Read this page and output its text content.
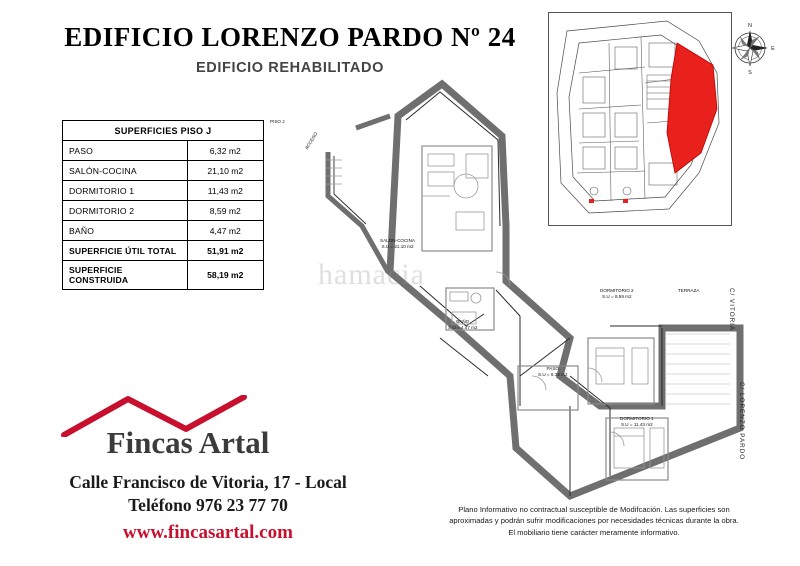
EDIFICIO LORENZO PARDO Nº 24
EDIFICIO REHABILITADO
SUPERFICIES PISO J	
PASO	6,32 m2
SALÓN-COCINA	21,10 m2
DORMITORIO 1	11,43 m2
DORMITORIO 2	8,59 m2
BAÑO	4,47 m2
SUPERFICIE ÚTIL TOTAL	51,91 m2
SUPERFICIE CONSTRUIDA	58,19 m2
N
S
E
PISO J
ACCESO
SALON-COCINA
S.U = 21.10 m2
BAÑO
S.U = 4.47 m2
PASO
S.U = 6.32 m2
DORMITORIO 2
S.U = 8.59 m2
DORMITORIO 1
S.U = 11.43 m2
TERRAZA
C/ LORENZO PARDO
C/ VITORIA
hamacia
Fincas Artal
Calle Francisco de Vitoria, 17 - Local
Teléfono 976 23 77 70
www.fincasartal.com
Plano Informativo no contractual susceptible de Modifcación. Las superficies son
aproximadas y podrán sufrir modificaciones por necesidades técnicas durante la obra.
El mobiliario tiene carácter meramente informativo.
